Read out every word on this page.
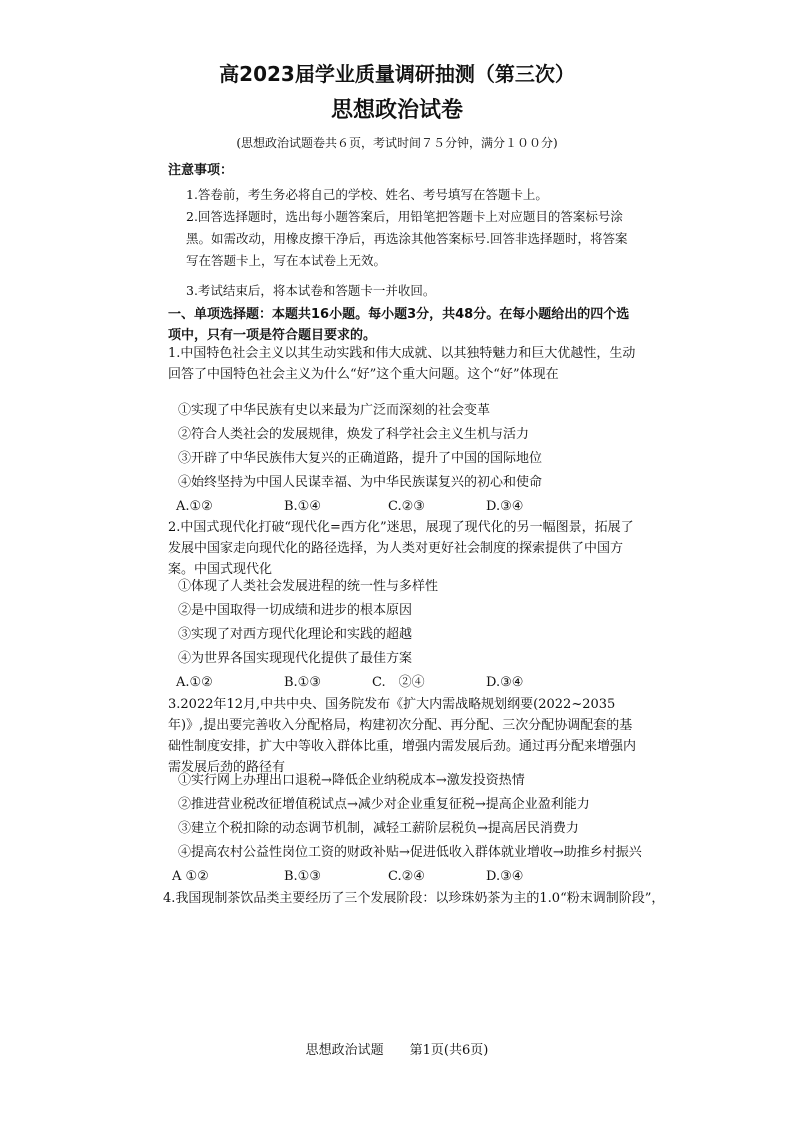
高2023届学业质量调研抽测（第三次）
思想政治试卷
(思想政治试题卷共６页，考试时间７５分钟，满分１００分)
注意事项：
1.答卷前，考生务必将自己的学校、姓名、考号填写在答题卡上。
2.回答选择题时，选出每小题答案后，用铅笔把答题卡上对应题目的答案标号涂黑。如需改动，用橡皮擦干净后，再选涂其他答案标号.回答非选择题时，将答案写在答题卡上，写在本试卷上无效。
3.考试结束后，将本试卷和答题卡一并收回。
一、单项选择题：本题共16小题。每小题3分，共48分。在每小题给出的四个选项中，只有一项是符合题目要求的。
1.中国特色社会主义以其生动实践和伟大成就、以其独特魅力和巨大优越性，生动回答了中国特色社会主义为什么“好”这个重大问题。这个“好”体现在
①实现了中华民族有史以来最为广泛而深刻的社会变革
②符合人类社会的发展规律，焕发了科学社会主义生机与活力
③开辟了中华民族伟大复兴的正确道路，提升了中国的国际地位
④始终坚持为中国人民谋幸福、为中华民族谋复兴的初心和使命
A.①②	B.①④	C.②③	D.③④
2.中国式现代化打破“现代化=西方化”迷思，展现了现代化的另一幅图景，拓展了发展中国家走向现代化的路径选择，为人类对更好社会制度的探索提供了中国方案。中国式现代化
①体现了人类社会发展进程的统一性与多样性
②是中国取得一切成绩和进步的根本原因
③实现了对西方现代化理论和实践的超越
④为世界各国实现现代化提供了最佳方案
A.①②	B.①③	C.　②④	D.③④
3.2022年12月,中共中央、国务院发布《扩大内需战略规划纲要(2022~2035年)》,提出要完善收入分配格局，构建初次分配、再分配、三次分配协调配套的基础性制度安排，扩大中等收入群体比重，增强内需发展后劲。通过再分配来增强内需发展后劲的路径有
①实行网上办理出口退税→降低企业纳税成本→激发投资热情
②推进营业税改征增值税试点→减少对企业重复征税→提高企业盈利能力
③建立个税扣除的动态调节机制，减轻工薪阶层税负→提高居民消费力
④提高农村公益性岗位工资的财政补贴→促进低收入群体就业增收→助推乡村振兴
A ①②	B.①③	C.②④	D.③④
4.我国现制茶饮品类主要经历了三个发展阶段：以珍珠奶茶为主的1.0“粉末调制阶段”，
思想政治试题　　第1页(共6页)
